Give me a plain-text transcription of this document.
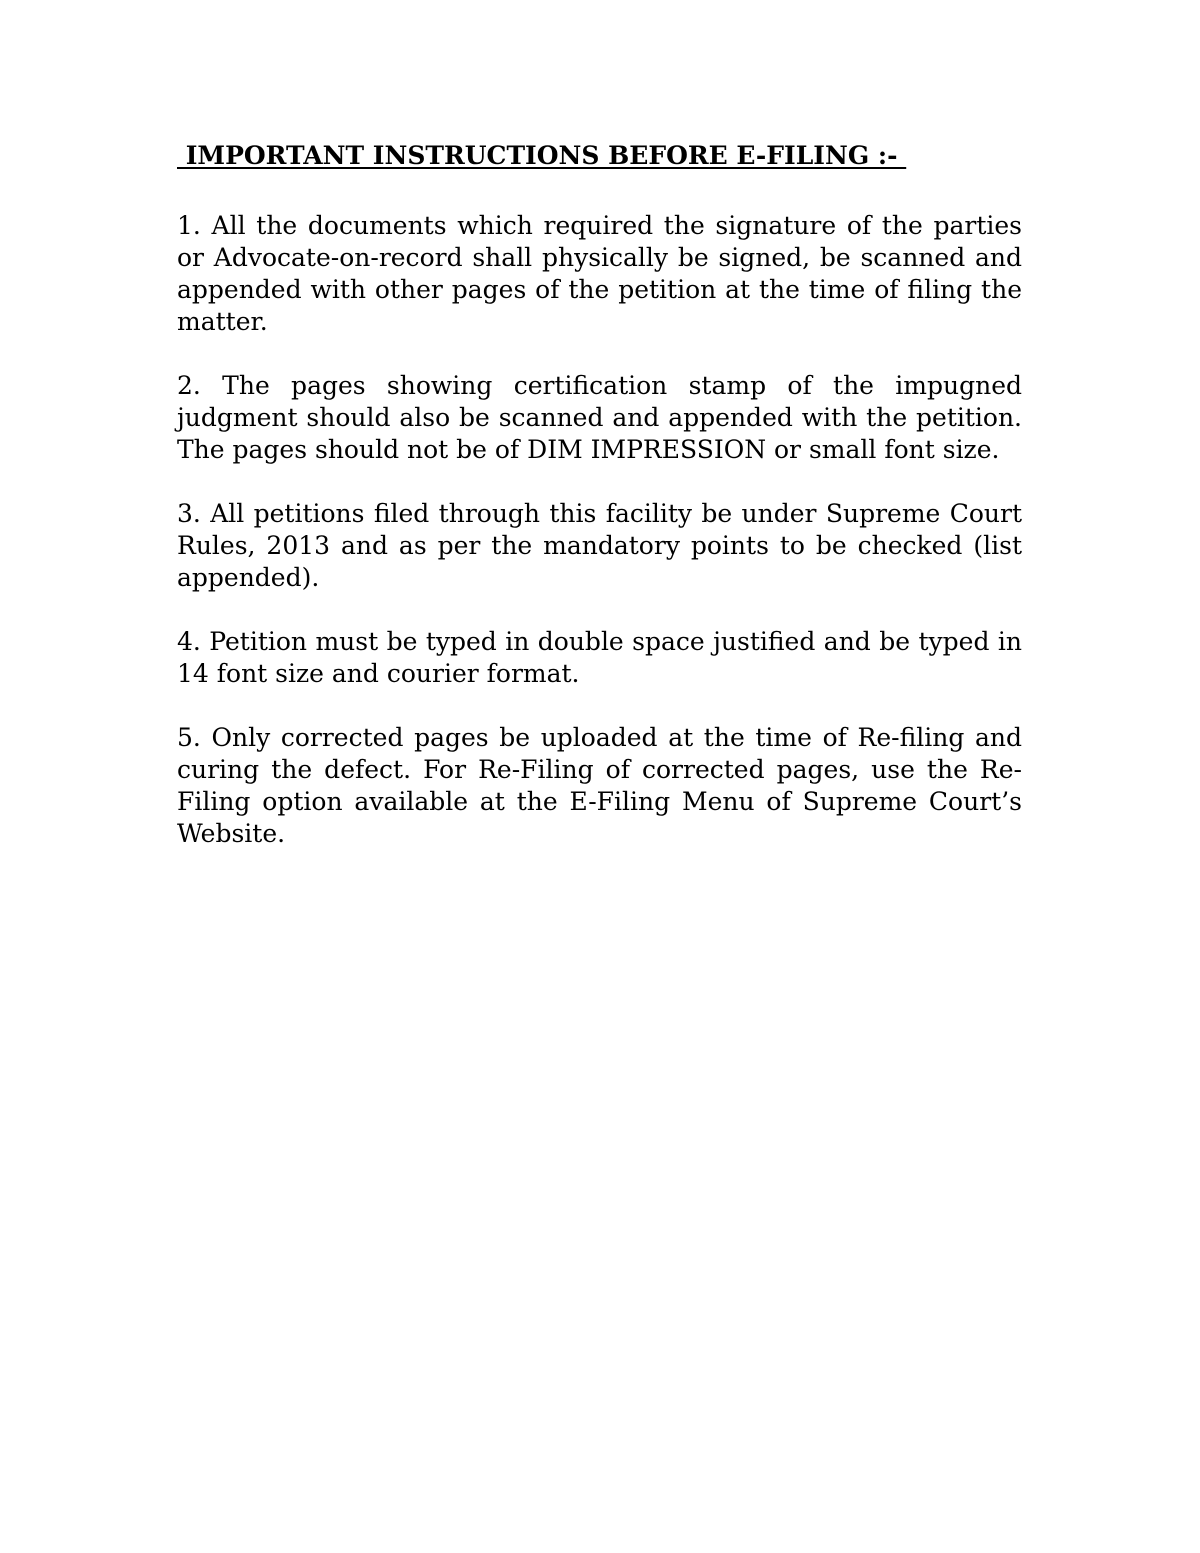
IMPORTANT INSTRUCTIONS BEFORE E-FILING :-

1. All the documents which required the signature of the parties or Advocate-on-record shall physically be signed, be scanned and appended with other pages of the petition at the time of filing the matter.

2. The pages showing certification stamp of the impugned judgment should also be scanned and appended with the petition. The pages should not be of DIM IMPRESSION or small font size.

3. All petitions filed through this facility be under Supreme Court Rules, 2013 and as per the mandatory points to be checked (list appended).

4. Petition must be typed in double space justified and be typed in 14 font size and courier format.

5. Only corrected pages be uploaded at the time of Re-filing and curing the defect. For Re-Filing of corrected pages, use the Re-Filing option available at the E-Filing Menu of Supreme Court’s Website.
